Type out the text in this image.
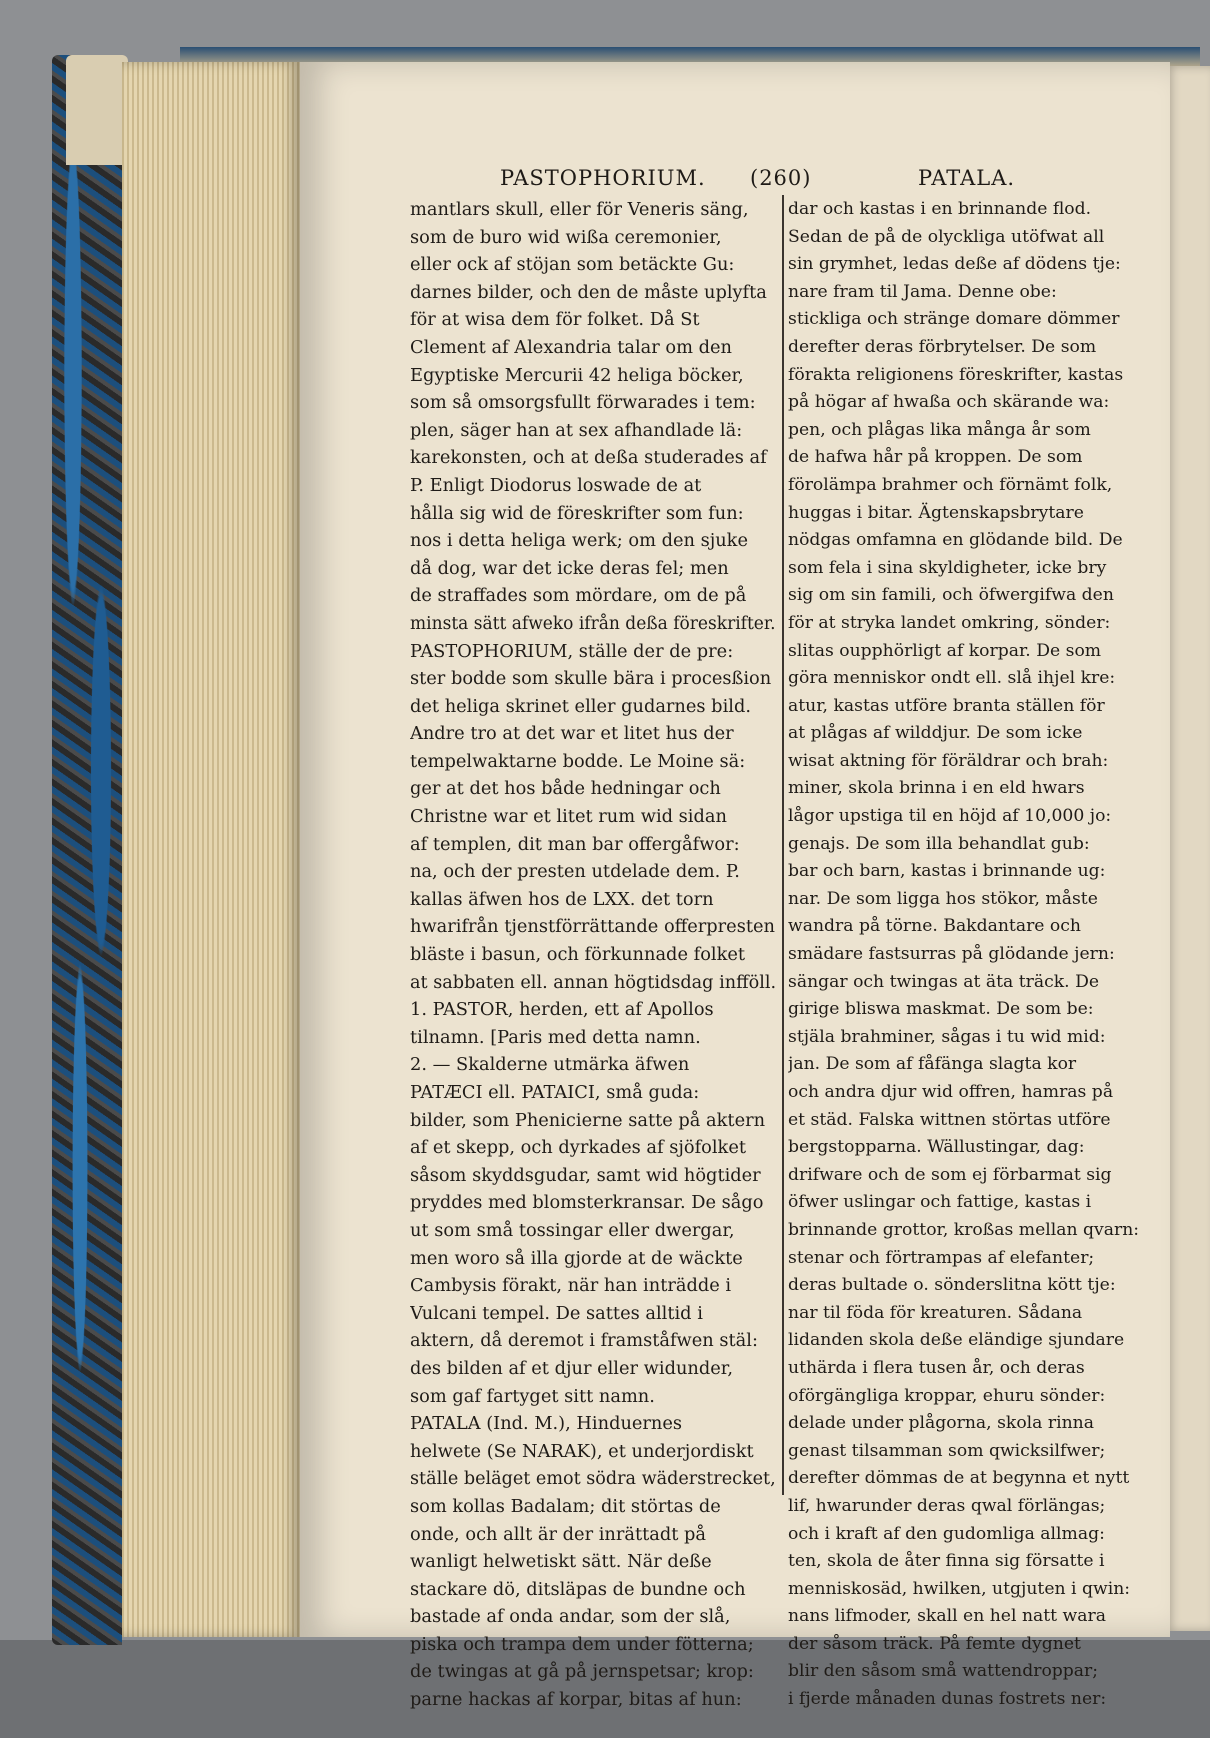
PASTOPHORIUM. (260)	PATALA.
mantlars skull, eller för Veneris säng,
som de buro wid wißa ceremonier,
eller ock af stöjan som betäckte Gu:
darnes bilder, och den de måste uplyfta
för at wisa dem för folket. Då St
Clement af Alexandria talar om den
Egyptiske Mercurii 42 heliga böcker,
som så omsorgsfullt förwarades i tem:
plen, säger han at sex afhandlade lä:
karekonsten, och at deßa studerades af
P. Enligt Diodorus loswade de at
hålla sig wid de föreskrifter som fun:
nos i detta heliga werk; om den sjuke
då dog, war det icke deras fel; men
de straffades som mördare, om de på
minsta sätt afweko ifrån deßa föreskrifter.
PASTOPHORIUM, ställe der de pre:
ster bodde som skulle bära i procesßion
det heliga skrinet eller gudarnes bild.
Andre tro at det war et litet hus der
tempelwaktarne bodde. Le Moine sä:
ger at det hos både hedningar och
Christne war et litet rum wid sidan
af templen, dit man bar offergåfwor:
na, och der presten utdelade dem. P.
kallas äfwen hos de LXX. det torn
hwarifrån tjenstförrättande offerpresten
bläste i basun, och förkunnade folket
at sabbaten ell. annan högtidsdag infföll.
1. PASTOR, herden, ett af Apollos
tilnamn. [Paris med detta namn.
2. — Skalderne utmärka äfwen
PATÆCI ell. PATAICI, små guda:
bilder, som Phenicierne satte på aktern
af et skepp, och dyrkades af sjöfolket
såsom skyddsgudar, samt wid högtider
pryddes med blomsterkransar. De sågo
ut som små tossingar eller dwergar,
men woro så illa gjorde at de wäckte
Cambysis förakt, när han inträdde i
Vulcani tempel. De sattes alltid i
aktern, då deremot i framståfwen stäl:
des bilden af et djur eller widunder,
som gaf fartyget sitt namn.
PATALA (Ind. M.), Hinduernes
helwete (Se NARAK), et underjordiskt
ställe beläget emot södra wäderstrecket,
som kollas Badalam; dit störtas de
onde, och allt är der inrättadt på
wanligt helwetiskt sätt. När deße
stackare dö, ditsläpas de bundne och
bastade af onda andar, som der slå,
piska och trampa dem under fötterna;
de twingas at gå på jernspetsar; krop:
parne hackas af korpar, bitas af hun:
dar och kastas i en brinnande flod.
Sedan de på de olyckliga utöfwat all
sin grymhet, ledas deße af dödens tje:
nare fram til Jama. Denne obe:
stickliga och stränge domare dömmer
derefter deras förbrytelser. De som
förakta religionens föreskrifter, kastas
på högar af hwaßa och skärande wa:
pen, och plågas lika många år som
de hafwa hår på kroppen. De som
förolämpa brahmer och förnämt folk,
huggas i bitar. Ägtenskapsbrytare
nödgas omfamna en glödande bild. De
som fela i sina skyldigheter, icke bry
sig om sin famili, och öfwergifwa den
för at stryka landet omkring, sönder:
slitas oupphörligt af korpar. De som
göra menniskor ondt ell. slå ihjel kre:
atur, kastas utföre branta ställen för
at plågas af wilddjur. De som icke
wisat aktning för föräldrar och brah:
miner, skola brinna i en eld hwars
lågor upstiga til en höjd af 10,000 jo:
genajs. De som illa behandlat gub:
bar och barn, kastas i brinnande ug:
nar. De som ligga hos stökor, måste
wandra på törne. Bakdantare och
smädare fastsurras på glödande jern:
sängar och twingas at äta träck. De
girige bliswa maskmat. De som be:
stjäla brahminer, sågas i tu wid mid:
jan. De som af fåfänga slagta kor
och andra djur wid offren, hamras på
et städ. Falska wittnen störtas utföre
bergstopparna. Wällustingar, dag:
drifware och de som ej förbarmat sig
öfwer uslingar och fattige, kastas i
brinnande grottor, kroßas mellan qvarn:
stenar och förtrampas af elefanter;
deras bultade o. sönderslitna kött tje:
nar til föda för kreaturen. Sådana
lidanden skola deße eländige sjundare
uthärda i flera tusen år, och deras
oförgängliga kroppar, ehuru sönder:
delade under plågorna, skola rinna
genast tilsamman som qwicksilfwer;
derefter dömmas de at begynna et nytt
lif, hwarunder deras qwal förlängas;
och i kraft af den gudomliga allmag:
ten, skola de åter finna sig försatte i
menniskosäd, hwilken, utgjuten i qwin:
nans lifmoder, skall en hel natt wara
der såsom träck. På femte dygnet
blir den såsom små wattendroppar;
i fjerde månaden dunas fostrets ner:
